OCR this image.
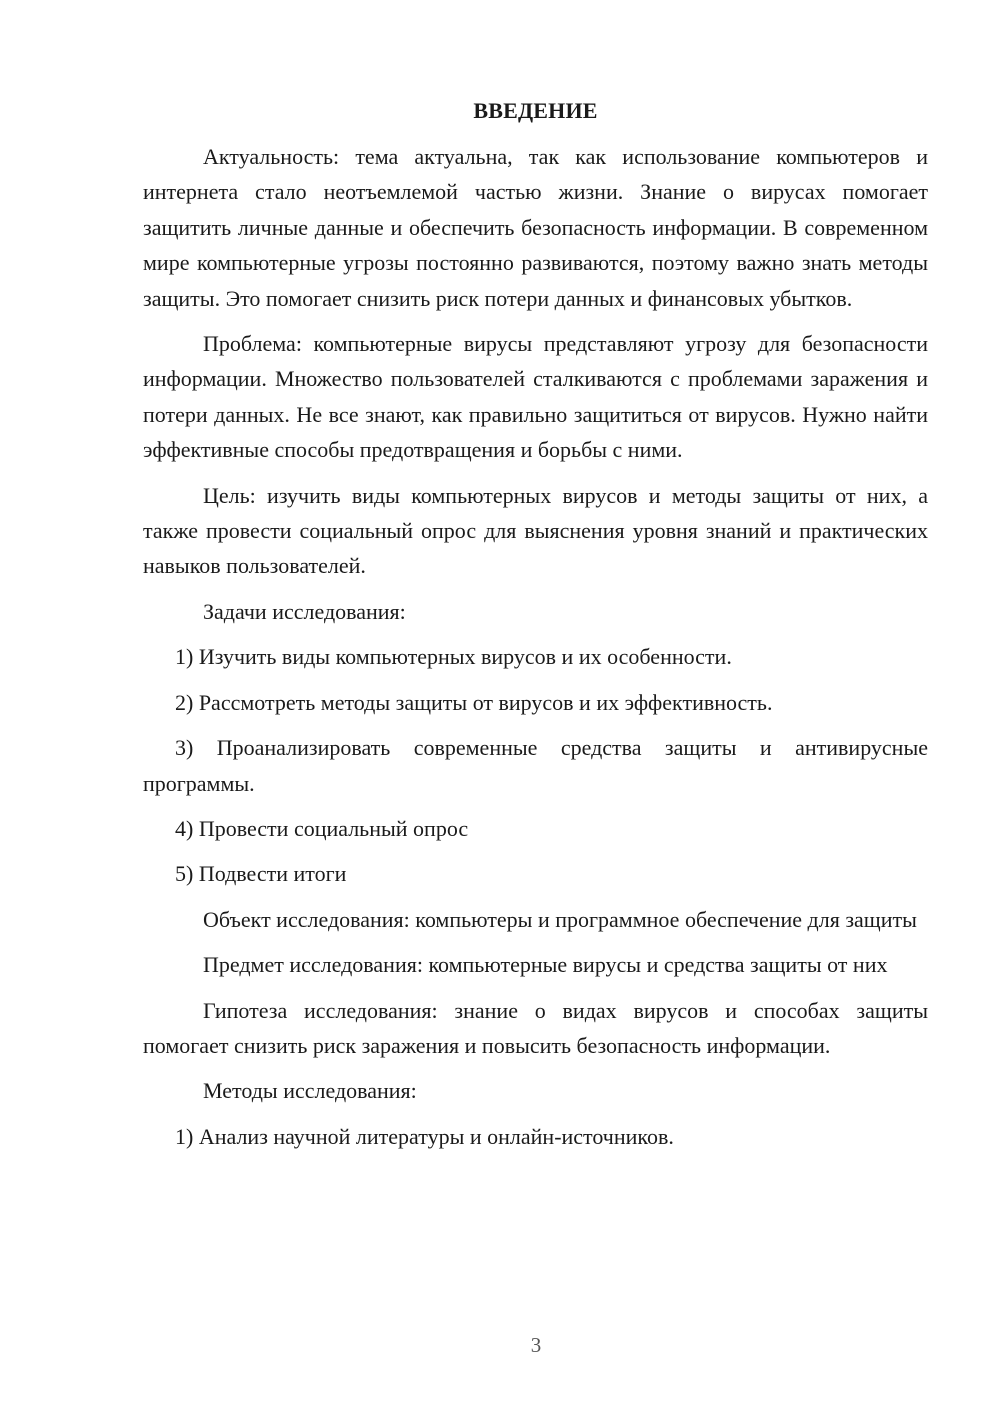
ВВЕДЕНИЕ

Актуальность: тема актуальна, так как использование компьютеров и интернета стало неотъемлемой частью жизни. Знание о вирусах помогает защитить личные данные и обеспечить безопасность информации. В современном мире компьютерные угрозы постоянно развиваются, поэтому важно знать методы защиты. Это помогает снизить риск потери данных и финансовых убытков.

Проблема: компьютерные вирусы представляют угрозу для безопасности информации. Множество пользователей сталкиваются с проблемами заражения и потери данных. Не все знают, как правильно защититься от вирусов. Нужно найти эффективные способы предотвращения и борьбы с ними.

Цель: изучить виды компьютерных вирусов и методы защиты от них, а также провести социальный опрос для выяснения уровня знаний и практических навыков пользователей.

Задачи исследования:

1) Изучить виды компьютерных вирусов и их особенности.

2) Рассмотреть методы защиты от вирусов и их эффективность.

3) Проанализировать современные средства защиты и антивирусные программы.

4) Провести социальный опрос

5) Подвести итоги

Объект исследования: компьютеры и программное обеспечение для защиты

Предмет исследования: компьютерные вирусы и средства защиты от них

Гипотеза исследования: знание о видах вирусов и способах защиты помогает снизить риск заражения и повысить безопасность информации.

Методы исследования:

1) Анализ научной литературы и онлайн-источников.

3
